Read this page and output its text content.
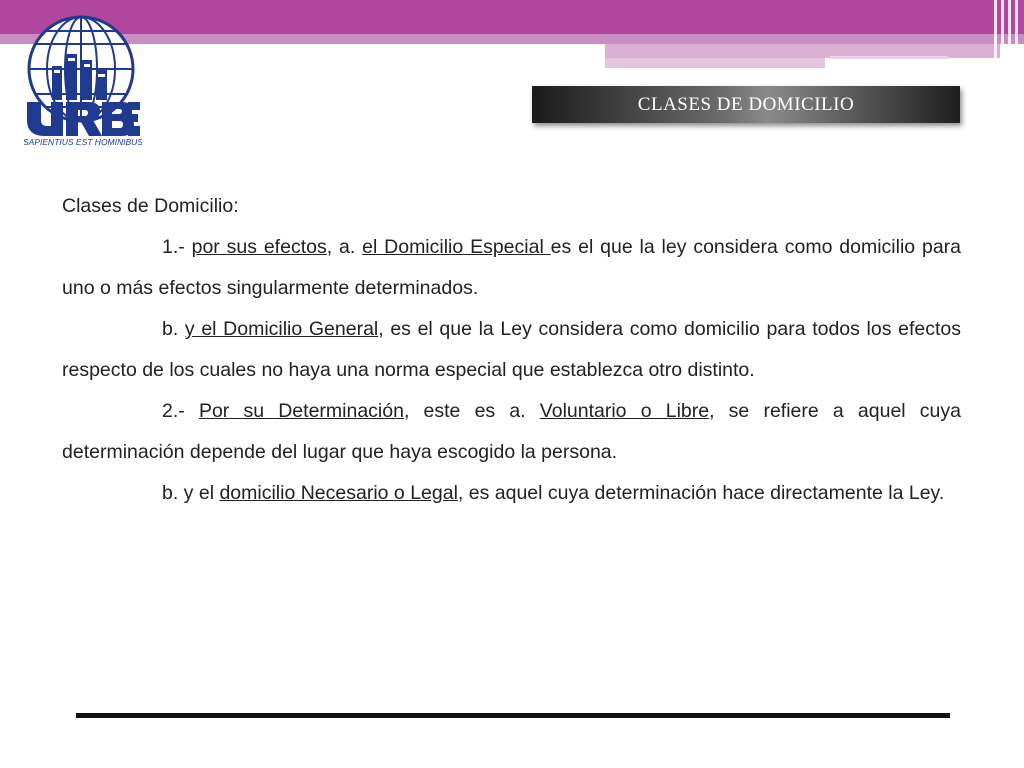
SAPIENTIUS EST HOMINIBUS
CLASES DE DOMICILIO

Clases de Domicilio:

1.- por sus efectos, a. el Domicilio Especial es el que la ley considera como domicilio para uno o más efectos singularmente determinados.

b. y el Domicilio General, es el que la Ley considera como domicilio para todos los efectos respecto de los cuales no haya una norma especial que establezca otro distinto.

2.- Por su Determinación, este es a. Voluntario o Libre, se refiere a aquel cuya determinación depende del lugar que haya escogido la persona.

b. y el domicilio Necesario o Legal, es aquel cuya determinación hace directamente la Ley.
